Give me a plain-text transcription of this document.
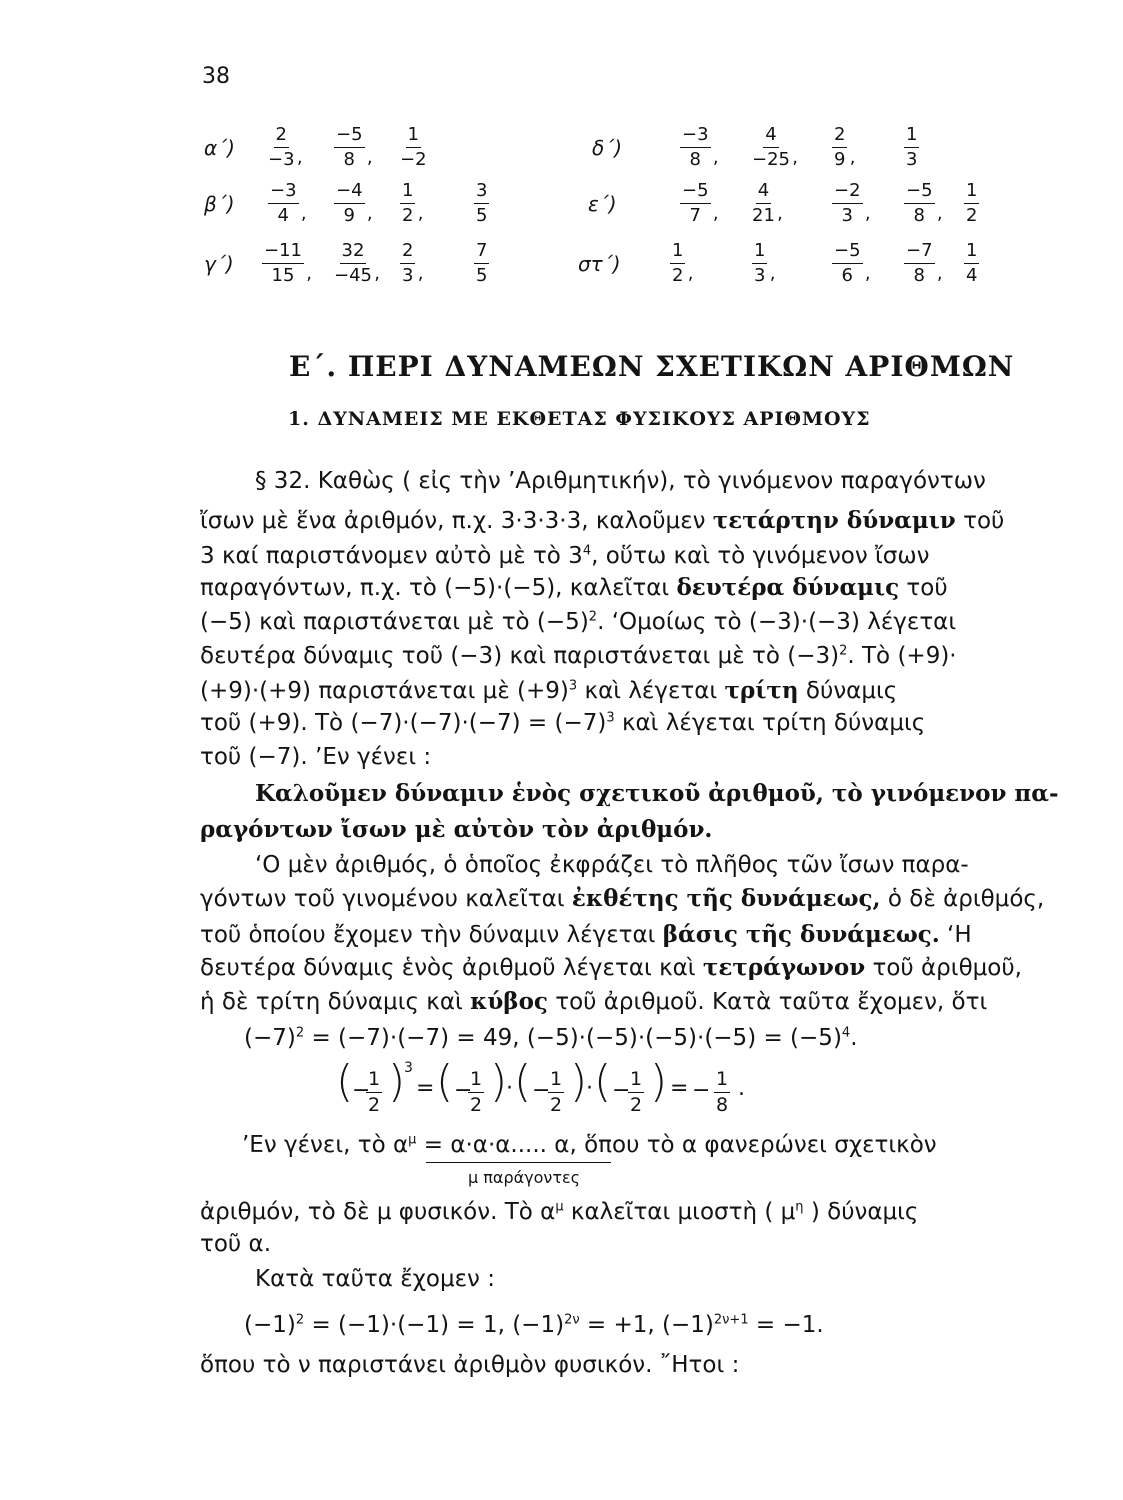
38
α΄)
2
−3 ,
−5
8 ,
1
−2
β΄)
−3
4 ,
−4
9 ,
1
2 ,
3
5
γ΄)
−11
15 ,
32
−45 ,
2
3 ,
7
5
δ΄)
−3
8 ,
4
−25 ,
2
9 ,
1
3
ε΄)
−5
7 ,
4
21 ,
−2
3 ,
−5
8 ,
1
2
στ΄)
1
2 ,
1
3 ,
−5
6 ,
−7
8 ,
1
4
Ε΄. ΠΕΡΙ ΔΥΝΑΜΕΩΝ ΣΧΕΤΙΚΩΝ ΑΡΙΘΜΩΝ
1. ΔΥΝΑΜΕΙΣ ΜΕ ΕΚΘΕΤΑΣ ΦΥΣΙΚΟΥΣ ΑΡΙΘΜΟΥΣ
§ 32. Καθὼς ( εἰς τὴν ’Αριθμητικήν), τὸ γινόμενον παραγόντων
ἴσων μὲ ἕνα ἀριθμόν, π.χ. 3·3·3·3, καλοῦμεν τετάρτην δύναμιν τοῦ
3 καί παριστάνομεν αὐτὸ μὲ τὸ $3^4$, οὕτω καὶ τὸ γινόμενον ἴσων
παραγόντων, π.χ. τὸ (−5)·(−5), καλεῖται δευτέρα δύναμις τοῦ
(−5) καὶ παριστάνεται μὲ τὸ $(-5)^2$. ‘Ομοίως τὸ (−3)·(−3) λέγεται
δευτέρα δύναμις τοῦ (−3) καὶ παριστάνεται μὲ τὸ $(-3)^2$. Τὸ (+9)·
(+9)·(+9) παριστάνεται μὲ $(+9)^3$ καὶ λέγεται τρίτη δύναμις
τοῦ (+9). Τὸ $(-7)\cdot(-7)\cdot(-7) = (-7)^3$ καὶ λέγεται τρίτη δύναμις
τοῦ (−7). ’Εν γένει :
Καλοῦμεν δύναμιν ἑνὸς σχετικοῦ ἀριθμοῦ, τὸ γινόμενον πα-
ραγόντων ἴσων μὲ αὐτὸν τὸν ἀριθμόν.
‘Ο μὲν ἀριθμός, ὁ ὁποῖος ἐκφράζει τὸ πλῆθος τῶν ἴσων παρα-
γόντων τοῦ γινομένου καλεῖται ἐκθέτης τῆς δυνάμεως, ὁ δὲ ἀριθμός,
τοῦ ὁποίου ἔχομεν τὴν δύναμιν λέγεται βάσις τῆς δυνάμεως. ‘Η
δευτέρα δύναμις ἑνὸς ἀριθμοῦ λέγεται καὶ τετράγωνον τοῦ ἀριθμοῦ,
ἡ δὲ τρίτη δύναμις καὶ κύβος τοῦ ἀριθμοῦ. Κατὰ ταῦτα ἔχομεν, ὅτι
$(-7)^2 = (-7)\cdot(-7) = 49$, $(-5)\cdot(-5)\cdot(-5)\cdot(-5) = (-5)^4$.
(
−
1
2 )
3
= ( −
1
2 )
· ( − 1
2 )
· ( − 1
2 ) = − 1
8
.
’Εν γένει, τὸ $\alpha^\mu = \alpha\cdot\alpha\cdot\alpha$..... α, ὅπου τὸ α φανερώνει σχετικὸν
μ παράγοντες
ἀριθμόν, τὸ δὲ μ φυσικόν. Τὸ $\alpha^\mu$ καλεῖται μιοστὴ ( $\mu^\eta$ ) δύναμις
τοῦ α.
Κατὰ ταῦτα ἔχομεν :
$(-1)^2 = (-1)\cdot(-1) = 1$, $(-1)^{2\nu} = +1$, $(-1)^{2\nu+1} = -1$.
ὅπου τὸ ν παριστάνει ἀριθμὸν φυσικόν. ῎Ητοι :
